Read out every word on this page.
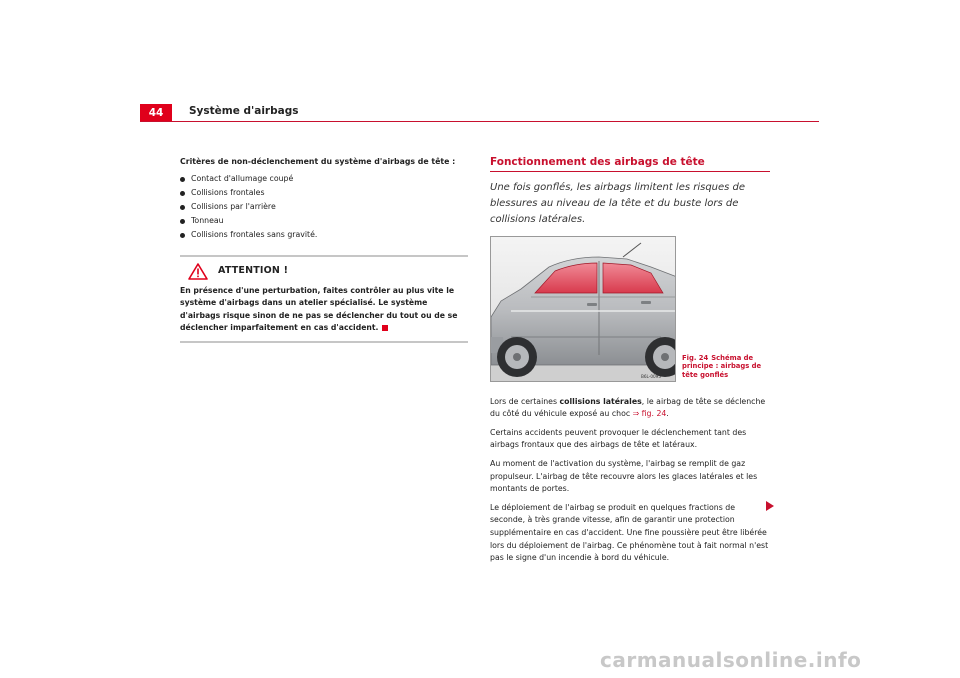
44	Système d'airbags
Critères de non-déclenchement du système d'airbags de tête :
Contact d'allumage coupé
Collisions frontales
Collisions par l'arrière
Tonneau
Collisions frontales sans gravité.
ATTENTION !
En présence d'une perturbation, faites contrôler au plus vite le système d'airbags dans un atelier spécialisé. Le système d'airbags risque sinon de ne pas se déclencher du tout ou de se déclencher imparfaitement en cas d'accident.
Fonctionnement des airbags de tête
Une fois gonflés, les airbags limitent les risques de blessures au niveau de la tête et du buste lors de collisions latérales.
B6L-0095
Fig. 24 Schéma de principe : airbags de tête gonflés

Lors de certaines collisions latérales, le airbag de tête se déclenche du côté du véhicule exposé au choc ⇒ fig. 24.

Certains accidents peuvent provoquer le déclenchement tant des airbags frontaux que des airbags de tête et latéraux.

Au moment de l'activation du système, l'airbag se remplit de gaz propulseur. L'airbag de tête recouvre alors les glaces latérales et les montants de portes.

Le déploiement de l'airbag se produit en quelques fractions de seconde, à très grande vitesse, afin de garantir une protection supplémentaire en cas d'accident. Une fine poussière peut être libérée lors du déploiement de l'airbag. Ce phénomène tout à fait normal n'est pas le signe d'un incendie à bord du véhicule.

carmanualsonline.info
